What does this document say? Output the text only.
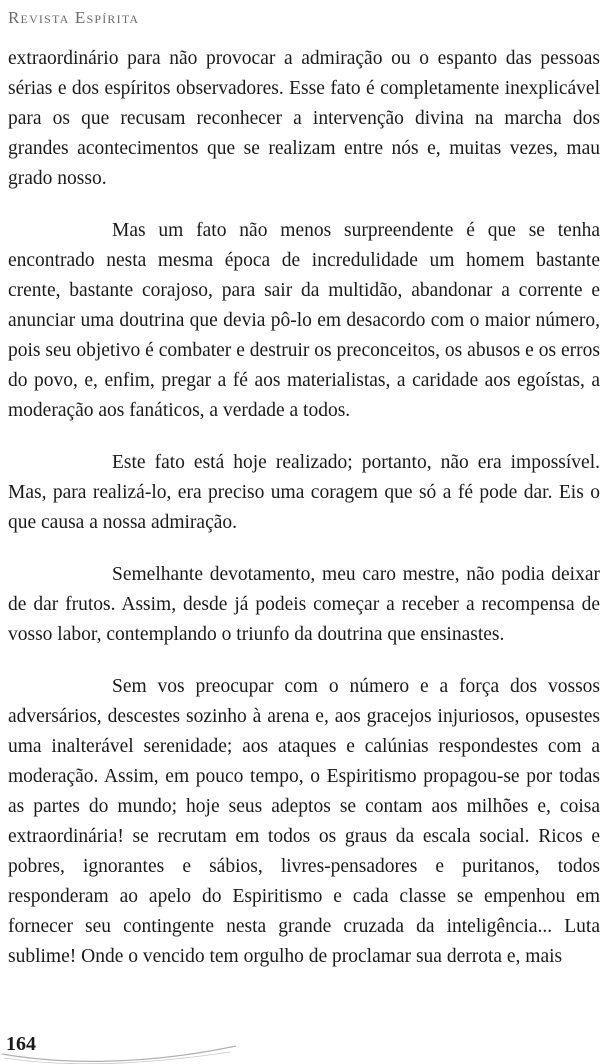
Revista Espírita

extraordinário para não provocar a admiração ou o espanto das pessoas sérias e dos espíritos observadores. Esse fato é completamente inexplicável para os que recusam reconhecer a intervenção divina na marcha dos grandes acontecimentos que se realizam entre nós e, muitas vezes, mau grado nosso.

Mas um fato não menos surpreendente é que se tenha encontrado nesta mesma época de incredulidade um homem bastante crente, bastante corajoso, para sair da multidão, abandonar a corrente e anunciar uma doutrina que devia pô-lo em desacordo com o maior número, pois seu objetivo é combater e destruir os preconceitos, os abusos e os erros do povo, e, enfim, pregar a fé aos materialistas, a caridade aos egoístas, a moderação aos fanáticos, a verdade a todos.

Este fato está hoje realizado; portanto, não era impossível. Mas, para realizá-lo, era preciso uma coragem que só a fé pode dar. Eis o que causa a nossa admiração.

Semelhante devotamento, meu caro mestre, não podia deixar de dar frutos. Assim, desde já podeis começar a receber a recompensa de vosso labor, contemplando o triunfo da doutrina que ensinastes.

Sem vos preocupar com o número e a força dos vossos adversários, descestes sozinho à arena e, aos gracejos injuriosos, opusestes uma inalterável serenidade; aos ataques e calúnias respondestes com a moderação. Assim, em pouco tempo, o Espiritismo propagou-se por todas as partes do mundo; hoje seus adeptos se contam aos milhões e, coisa extraordinária! se recrutam em todos os graus da escala social. Ricos e pobres, ignorantes e sábios, livres-pensadores e puritanos, todos responderam ao apelo do Espiritismo e cada classe se empenhou em fornecer seu contingente nesta grande cruzada da inteligência... Luta sublime! Onde o vencido tem orgulho de proclamar sua derrota e, mais

164
